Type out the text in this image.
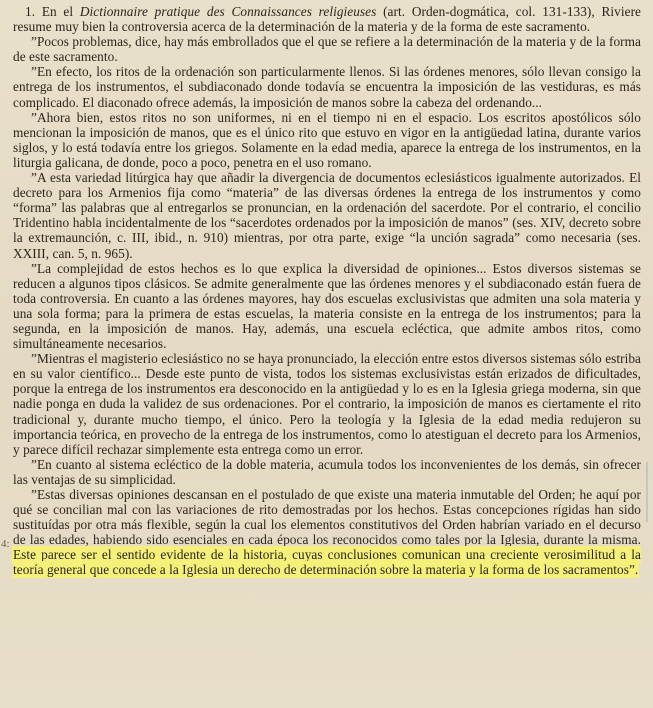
1. En el Dictionnaire pratique des Connaissances religieuses (art. Orden-dogmática, col. 131-133), Riviere resume muy bien la controversia acerca de la determinación de la materia y de la forma de este sacramento.

”Pocos problemas, dice, hay más embrollados que el que se refiere a la determinación de la materia y de la forma de este sacramento.

”En efecto, los ritos de la ordenación son particularmente llenos. Si las órdenes menores, sólo llevan consigo la entrega de los instrumentos, el subdiaconado donde todavía se encuentra la imposición de las vestiduras, es más complicado. El diaconado ofrece además, la imposición de manos sobre la cabeza del ordenando...

”Ahora bien, estos ritos no son uniformes, ni en el tiempo ni en el espacio. Los escritos apostólicos sólo mencionan la imposición de manos, que es el único rito que estuvo en vigor en la antigüedad latina, durante varios siglos, y lo está todavía entre los griegos. Solamente en la edad media, aparece la entrega de los instrumentos, en la liturgia galicana, de donde, poco a poco, penetra en el uso romano.

”A esta variedad litúrgica hay que añadir la divergencia de documentos eclesiásticos igualmente autorizados. El decreto para los Armenios fija como “materia” de las diversas órdenes la entrega de los instrumentos y como “forma” las palabras que al entregarlos se pronuncian, en la ordenación del sacerdote. Por el contrario, el concilio Tridentino habla incidentalmente de los “sacerdotes ordenados por la imposición de manos” (ses. XIV, decreto sobre la extremaunción, c. III, ibid., n. 910) mientras, por otra parte, exige “la unción sagrada” como necesaria (ses. XXIII, can. 5, n. 965).

”La complejidad de estos hechos es lo que explica la diversidad de opiniones... Estos diversos sistemas se reducen a algunos tipos clásicos. Se admite generalmente que las órdenes menores y el subdiaconado están fuera de toda controversia. En cuanto a las órdenes mayores, hay dos escuelas exclusivistas que admiten una sola materia y una sola forma; para la primera de estas escuelas, la materia consiste en la entrega de los instrumentos; para la segunda, en la imposición de manos. Hay, además, una escuela ecléctica, que admite ambos ritos, como simultáneamente necesarios.

”Mientras el magisterio eclesiástico no se haya pronunciado, la elección entre estos diversos sistemas sólo estriba en su valor científico... Desde este punto de vista, todos los sistemas exclusivistas están erizados de dificultades, porque la entrega de los instrumentos era desconocido en la antigüedad y lo es en la Iglesia griega moderna, sin que nadie ponga en duda la validez de sus ordenaciones. Por el contrario, la imposición de manos es ciertamente el rito tradicional y, durante mucho tiempo, el único. Pero la teología y la Iglesia de la edad media redujeron su importancia teórica, en provecho de la entrega de los instrumentos, como lo atestiguan el decreto para los Armenios, y parece difícil rechazar simplemente esta entrega como un error.

”En cuanto al sistema ecléctico de la doble materia, acumula todos los inconvenientes de los demás, sin ofrecer las ventajas de su simplicidad.

”Estas diversas opiniones descansan en el postulado de que existe una materia inmutable del Orden; he aquí por qué se concilian mal con las variaciones de rito demostradas por los hechos. Estas concepciones rígidas han sido sustituídas por otra más flexible, según la cual los elementos constitutivos del Orden habrían variado en el decurso de las edades, habiendo sido esenciales en cada época los reconocidos como tales por la Iglesia, durante la misma. Este parece ser el sentido evidente de la historia, cuyas conclusiones comunican una creciente verosimilitud a la teoría general que concede a la Iglesia un derecho de determinación sobre la materia y la forma de los sacramentos”.

4:
